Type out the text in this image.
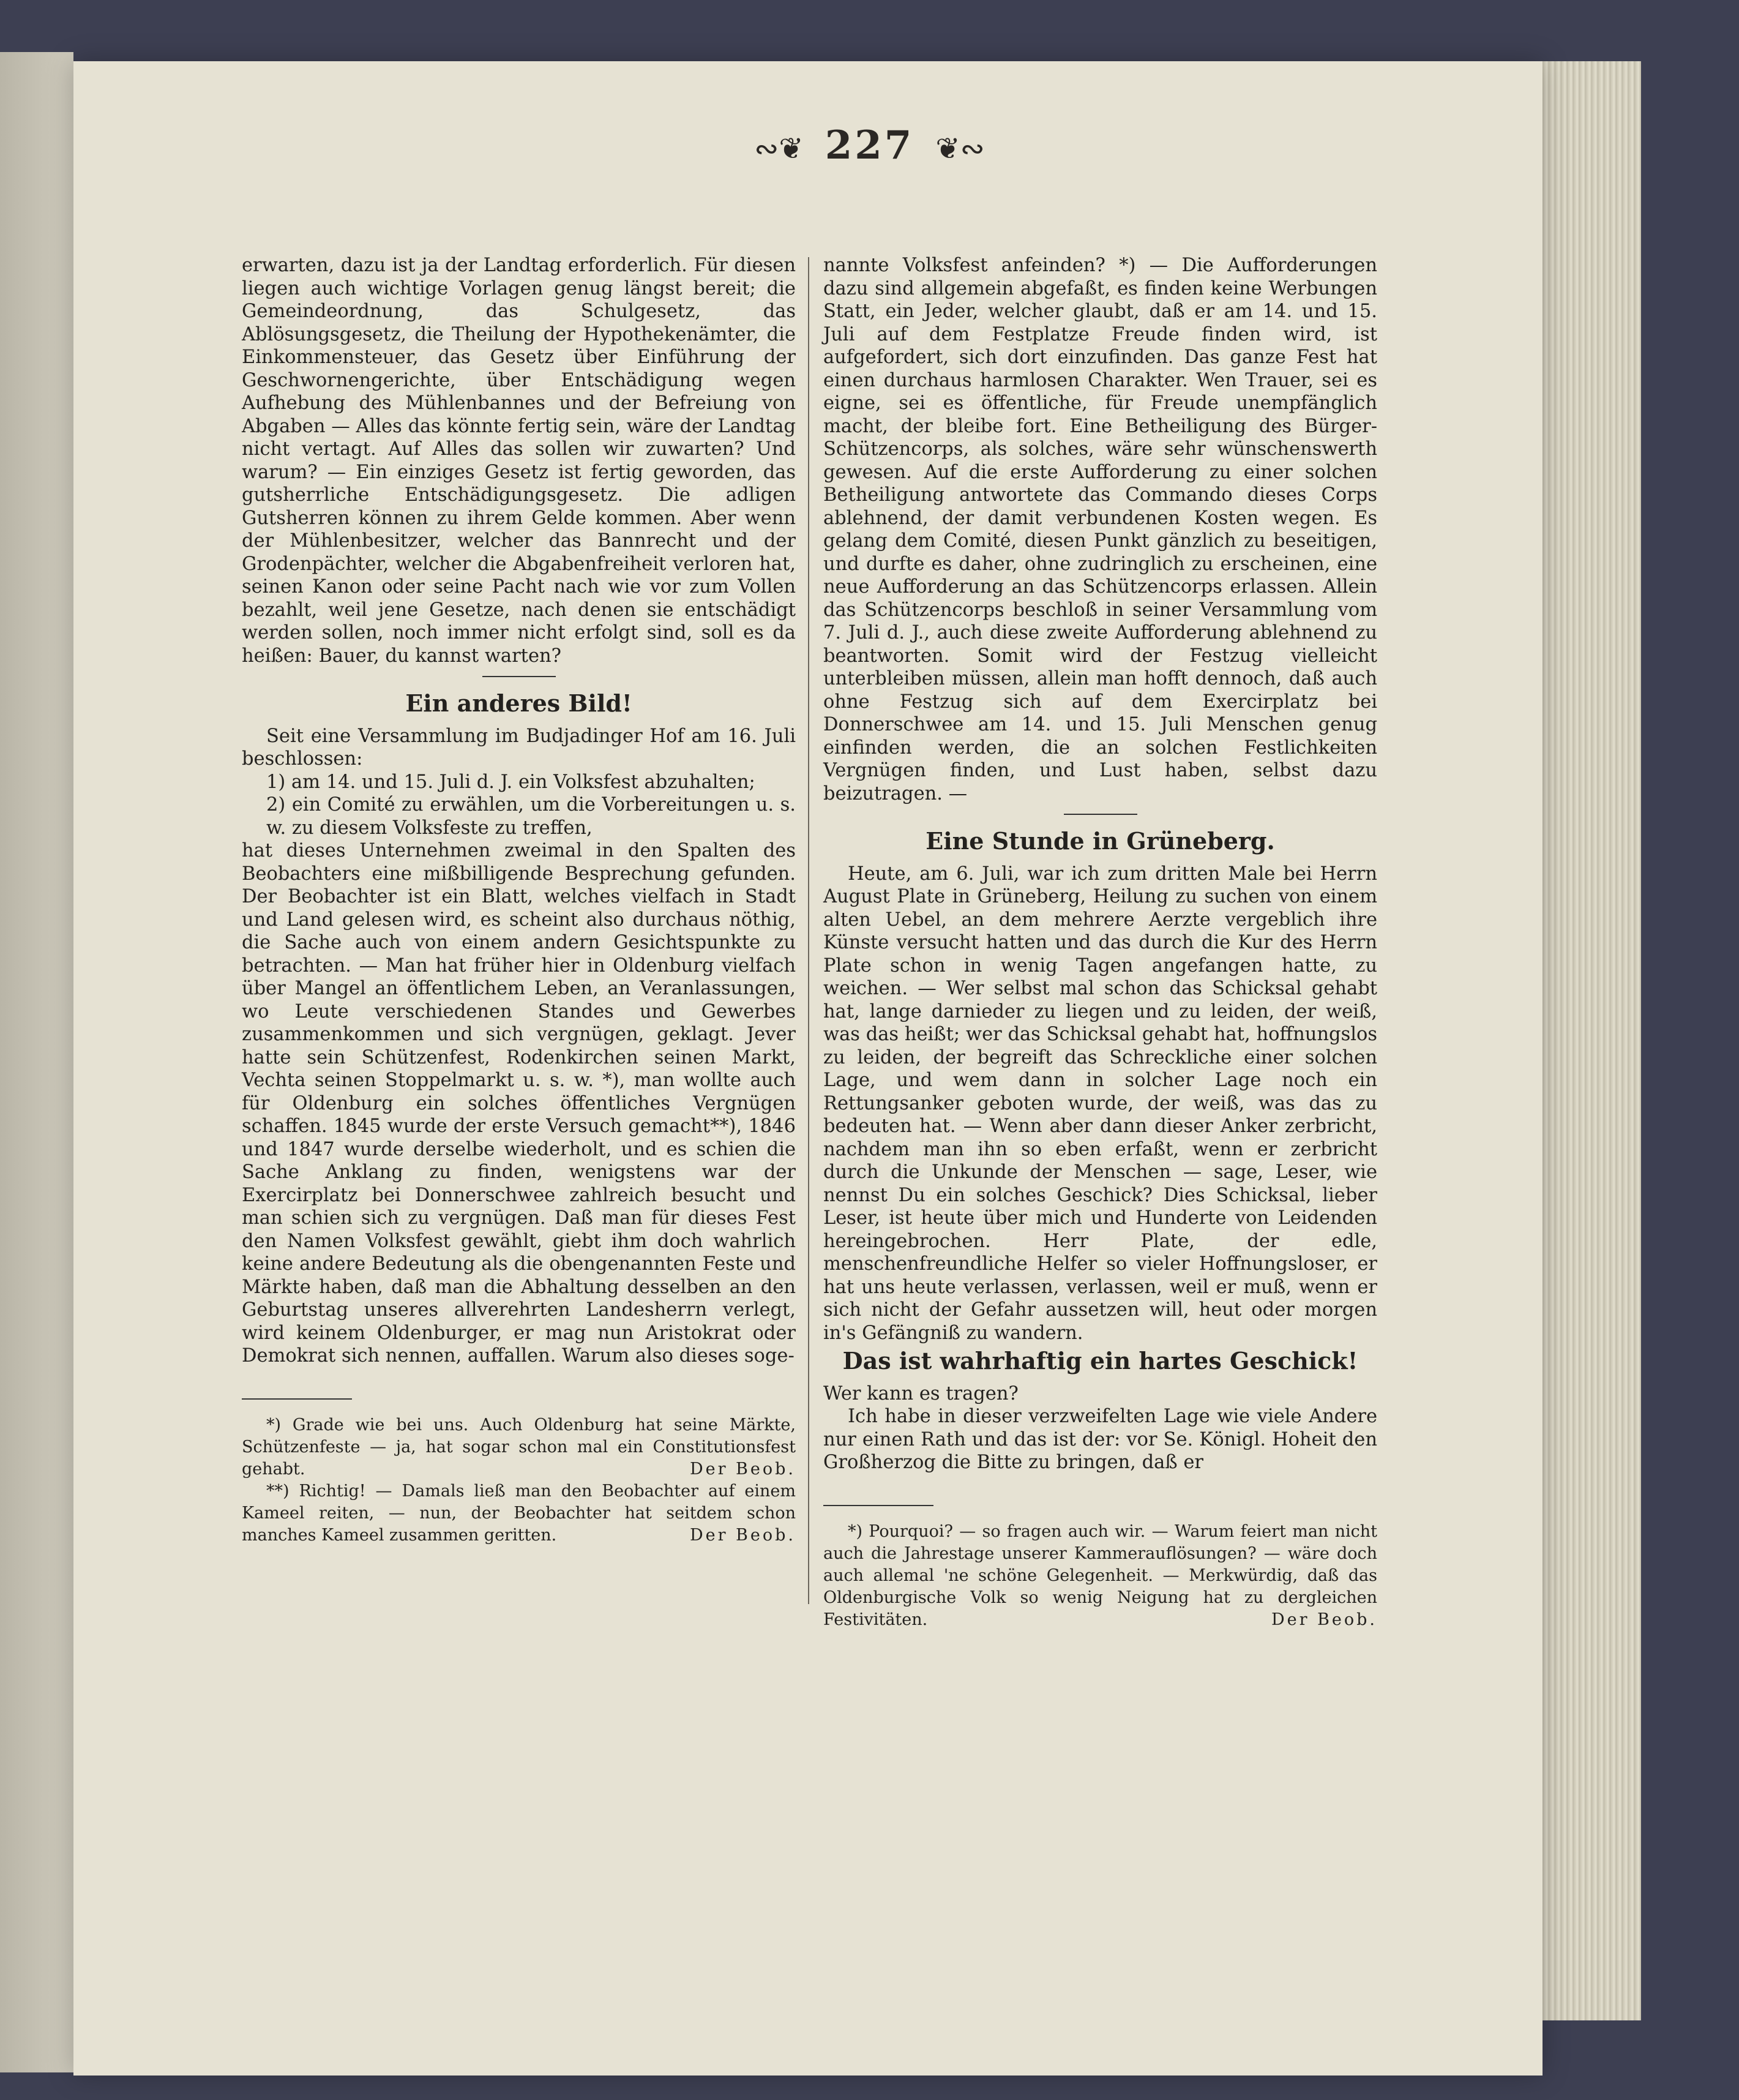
∾❦ 227 ❦∾

erwarten, dazu ist ja der Landtag erforderlich. Für diesen liegen auch wichtige Vorlagen genug längst bereit; die Gemeindeordnung, das Schulgesetz, das Ablösungsgesetz, die Theilung der Hypothekenämter, die Einkommensteuer, das Gesetz über Einführung der Geschwornengerichte, über Entschädigung wegen Aufhebung des Mühlenbannes und der Befreiung von Abgaben — Alles das könnte fertig sein, wäre der Landtag nicht vertagt. Auf Alles das sollen wir zuwarten? Und warum? — Ein einziges Gesetz ist fertig geworden, das gutsherrliche Entschädigungsgesetz. Die adligen Gutsherren können zu ihrem Gelde kommen. Aber wenn der Mühlenbesitzer, welcher das Bannrecht und der Grodenpächter, welcher die Abgabenfreiheit verloren hat, seinen Kanon oder seine Pacht nach wie vor zum Vollen bezahlt, weil jene Gesetze, nach denen sie entschädigt werden sollen, noch immer nicht erfolgt sind, soll es da heißen: Bauer, du kannst warten?

Ein anderes Bild!

Seit eine Versammlung im Budjadinger Hof am 16. Juli beschlossen:

1) am 14. und 15. Juli d. J. ein Volksfest abzuhalten;

2) ein Comité zu erwählen, um die Vorbereitungen u. s. w. zu diesem Volksfeste zu treffen,

hat dieses Unternehmen zweimal in den Spalten des Beobachters eine mißbilligende Besprechung gefunden. Der Beobachter ist ein Blatt, welches vielfach in Stadt und Land gelesen wird, es scheint also durchaus nöthig, die Sache auch von einem andern Gesichtspunkte zu betrachten. — Man hat früher hier in Oldenburg vielfach über Mangel an öffentlichem Leben, an Veranlassungen, wo Leute verschiedenen Standes und Gewerbes zusammenkommen und sich vergnügen, geklagt. Jever hatte sein Schützenfest, Rodenkirchen seinen Markt, Vechta seinen Stoppelmarkt u. s. w. *), man wollte auch für Oldenburg ein solches öffentliches Vergnügen schaffen. 1845 wurde der erste Versuch gemacht**), 1846 und 1847 wurde derselbe wiederholt, und es schien die Sache Anklang zu finden, wenigstens war der Exercirplatz bei Donnerschwee zahlreich besucht und man schien sich zu vergnügen. Daß man für dieses Fest den Namen Volksfest gewählt, giebt ihm doch wahrlich keine andere Bedeutung als die obengenannten Feste und Märkte haben, daß man die Abhaltung desselben an den Geburtstag unseres allverehrten Landesherrn verlegt, wird keinem Oldenburger, er mag nun Aristokrat oder Demokrat sich nennen, auffallen. Warum also dieses soge-

*) Grade wie bei uns. Auch Oldenburg hat seine Märkte, Schützenfeste — ja, hat sogar schon mal ein Constitutionsfest gehabt.	Der Beob.

**) Richtig! — Damals ließ man den Beobachter auf einem Kameel reiten, — nun, der Beobachter hat seitdem schon manches Kameel zusammen geritten.	Der Beob.

nannte Volksfest anfeinden? *) — Die Aufforderungen dazu sind allgemein abgefaßt, es finden keine Werbungen Statt, ein Jeder, welcher glaubt, daß er am 14. und 15. Juli auf dem Festplatze Freude finden wird, ist aufgefordert, sich dort einzufinden. Das ganze Fest hat einen durchaus harmlosen Charakter. Wen Trauer, sei es eigne, sei es öffentliche, für Freude unempfänglich macht, der bleibe fort. Eine Betheiligung des Bürger-Schützencorps, als solches, wäre sehr wünschenswerth gewesen. Auf die erste Aufforderung zu einer solchen Betheiligung antwortete das Commando dieses Corps ablehnend, der damit verbundenen Kosten wegen. Es gelang dem Comité, diesen Punkt gänzlich zu beseitigen, und durfte es daher, ohne zudringlich zu erscheinen, eine neue Aufforderung an das Schützencorps erlassen. Allein das Schützencorps beschloß in seiner Versammlung vom 7. Juli d. J., auch diese zweite Aufforderung ablehnend zu beantworten. Somit wird der Festzug vielleicht unterbleiben müssen, allein man hofft dennoch, daß auch ohne Festzug sich auf dem Exercirplatz bei Donnerschwee am 14. und 15. Juli Menschen genug einfinden werden, die an solchen Festlichkeiten Vergnügen finden, und Lust haben, selbst dazu beizutragen. —

Eine Stunde in Grüneberg.

Heute, am 6. Juli, war ich zum dritten Male bei Herrn August Plate in Grüneberg, Heilung zu suchen von einem alten Uebel, an dem mehrere Aerzte vergeblich ihre Künste versucht hatten und das durch die Kur des Herrn Plate schon in wenig Tagen angefangen hatte, zu weichen. — Wer selbst mal schon das Schicksal gehabt hat, lange darnieder zu liegen und zu leiden, der weiß, was das heißt; wer das Schicksal gehabt hat, hoffnungslos zu leiden, der begreift das Schreckliche einer solchen Lage, und wem dann in solcher Lage noch ein Rettungsanker geboten wurde, der weiß, was das zu bedeuten hat. — Wenn aber dann dieser Anker zerbricht, nachdem man ihn so eben erfaßt, wenn er zerbricht durch die Unkunde der Menschen — sage, Leser, wie nennst Du ein solches Geschick? Dies Schicksal, lieber Leser, ist heute über mich und Hunderte von Leidenden hereingebrochen. Herr Plate, der edle, menschenfreundliche Helfer so vieler Hoffnungsloser, er hat uns heute verlassen, verlassen, weil er muß, wenn er sich nicht der Gefahr aussetzen will, heut oder morgen in's Gefängniß zu wandern.

Das ist wahrhaftig ein hartes Geschick!

Wer kann es tragen?

Ich habe in dieser verzweifelten Lage wie viele Andere nur einen Rath und das ist der: vor Se. Königl. Hoheit den Großherzog die Bitte zu bringen, daß er

*) Pourquoi? — so fragen auch wir. — Warum feiert man nicht auch die Jahrestage unserer Kammerauflösungen? — wäre doch auch allemal 'ne schöne Gelegenheit. — Merkwürdig, daß das Oldenburgische Volk so wenig Neigung hat zu dergleichen Festivitäten.	Der Beob.
